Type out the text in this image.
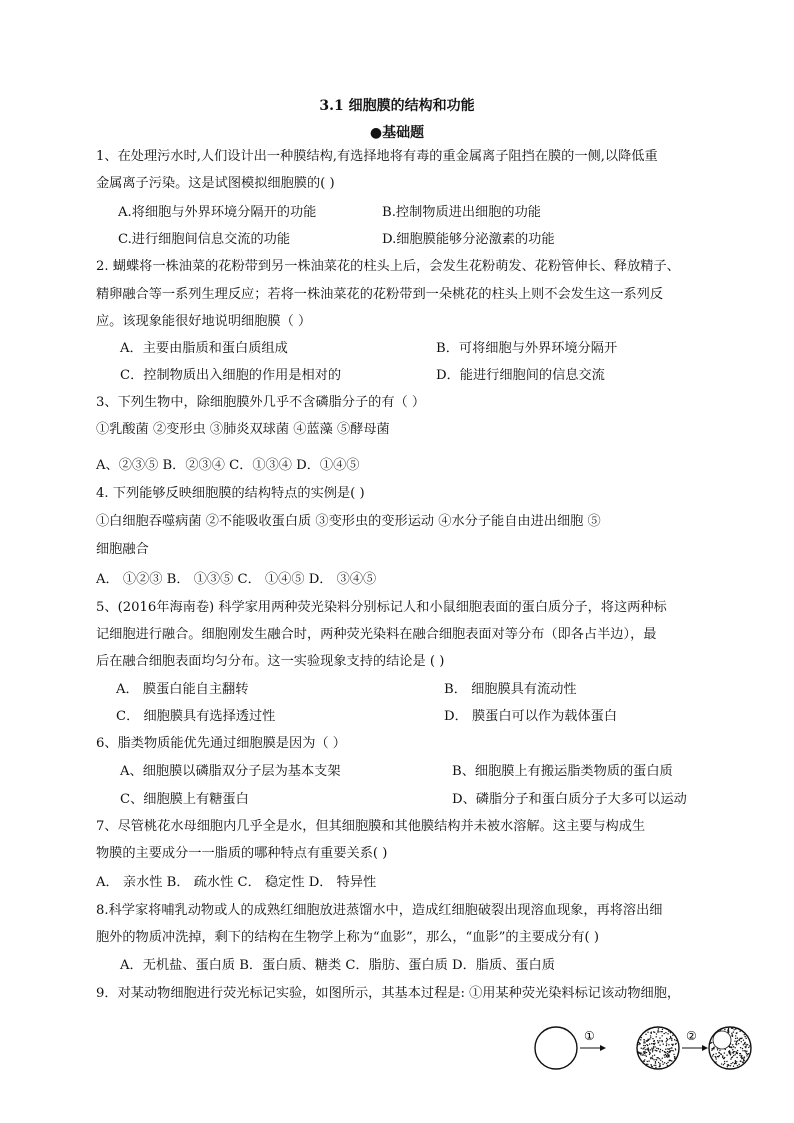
3.1 细胞膜的结构和功能
●基础题
1、在处理污水时,人们设计出一种膜结构,有选择地将有毒的重金属离子阻挡在膜的一侧,以降低重
金属离子污染。这是试图模拟细胞膜的( )
A.将细胞与外界环境分隔开的功能	B.控制物质进出细胞的功能
C.进行细胞间信息交流的功能	D.细胞膜能够分泌激素的功能
2. 蝴蝶将一株油菜的花粉带到另一株油菜花的柱头上后，会发生花粉萌发、花粉管伸长、释放精子、
精卵融合等一系列生理反应；若将一株油菜花的花粉带到一朵桃花的柱头上则不会发生这一系列反
应。该现象能很好地说明细胞膜（ ）
A．主要由脂质和蛋白质组成	B．可将细胞与外界环境分隔开
C．控制物质出入细胞的作用是相对的	D．能进行细胞间的信息交流
3、下列生物中，除细胞膜外几乎不含磷脂分子的有（ ）
①乳酸菌 ②变形虫 ③肺炎双球菌 ④蓝藻 ⑤酵母菌
A、②③⑤ B．②③④ C．①③④ D．①④⑤
4. 下列能够反映细胞膜的结构特点的实例是( )
①白细胞吞噬病菌 ②不能吸收蛋白质 ③变形虫的变形运动 ④水分子能自由进出细胞 ⑤
细胞融合
A． ①②③ B． ①③⑤ C． ①④⑤ D． ③④⑤
5、(2016年海南卷) 科学家用两种荧光染料分别标记人和小鼠细胞表面的蛋白质分子，将这两种标
记细胞进行融合。细胞刚发生融合时，两种荧光染料在融合细胞表面对等分布（即各占半边），最
后在融合细胞表面均匀分布。这一实验现象支持的结论是 ( )
A． 膜蛋白能自主翻转	B． 细胞膜具有流动性
C． 细胞膜具有选择透过性	D． 膜蛋白可以作为载体蛋白
6、脂类物质能优先通过细胞膜是因为（ ）
A、细胞膜以磷脂双分子层为基本支架	B、细胞膜上有搬运脂类物质的蛋白质
C、细胞膜上有糖蛋白	D、磷脂分子和蛋白质分子大多可以运动
7、尽管桃花水母细胞内几乎全是水，但其细胞膜和其他膜结构并未被水溶解。这主要与构成生
物膜的主要成分一一脂质的哪种特点有重要关系( )
A． 亲水性 B． 疏水性 C． 稳定性 D． 特异性
8.科学家将哺乳动物或人的成熟红细胞放进蒸馏水中，造成红细胞破裂出现溶血现象，再将溶出细
胞外的物质冲洗掉，剩下的结构在生物学上称为“血影”，那么，“血影”的主要成分有( )
A．无机盐、蛋白质 B．蛋白质、糖类 C．脂肪、蛋白质 D．脂质、蛋白质
9．对某动物细胞进行荧光标记实验，如图所示，其基本过程是: ①用某种荧光染料标记该动物细胞，
①	②
